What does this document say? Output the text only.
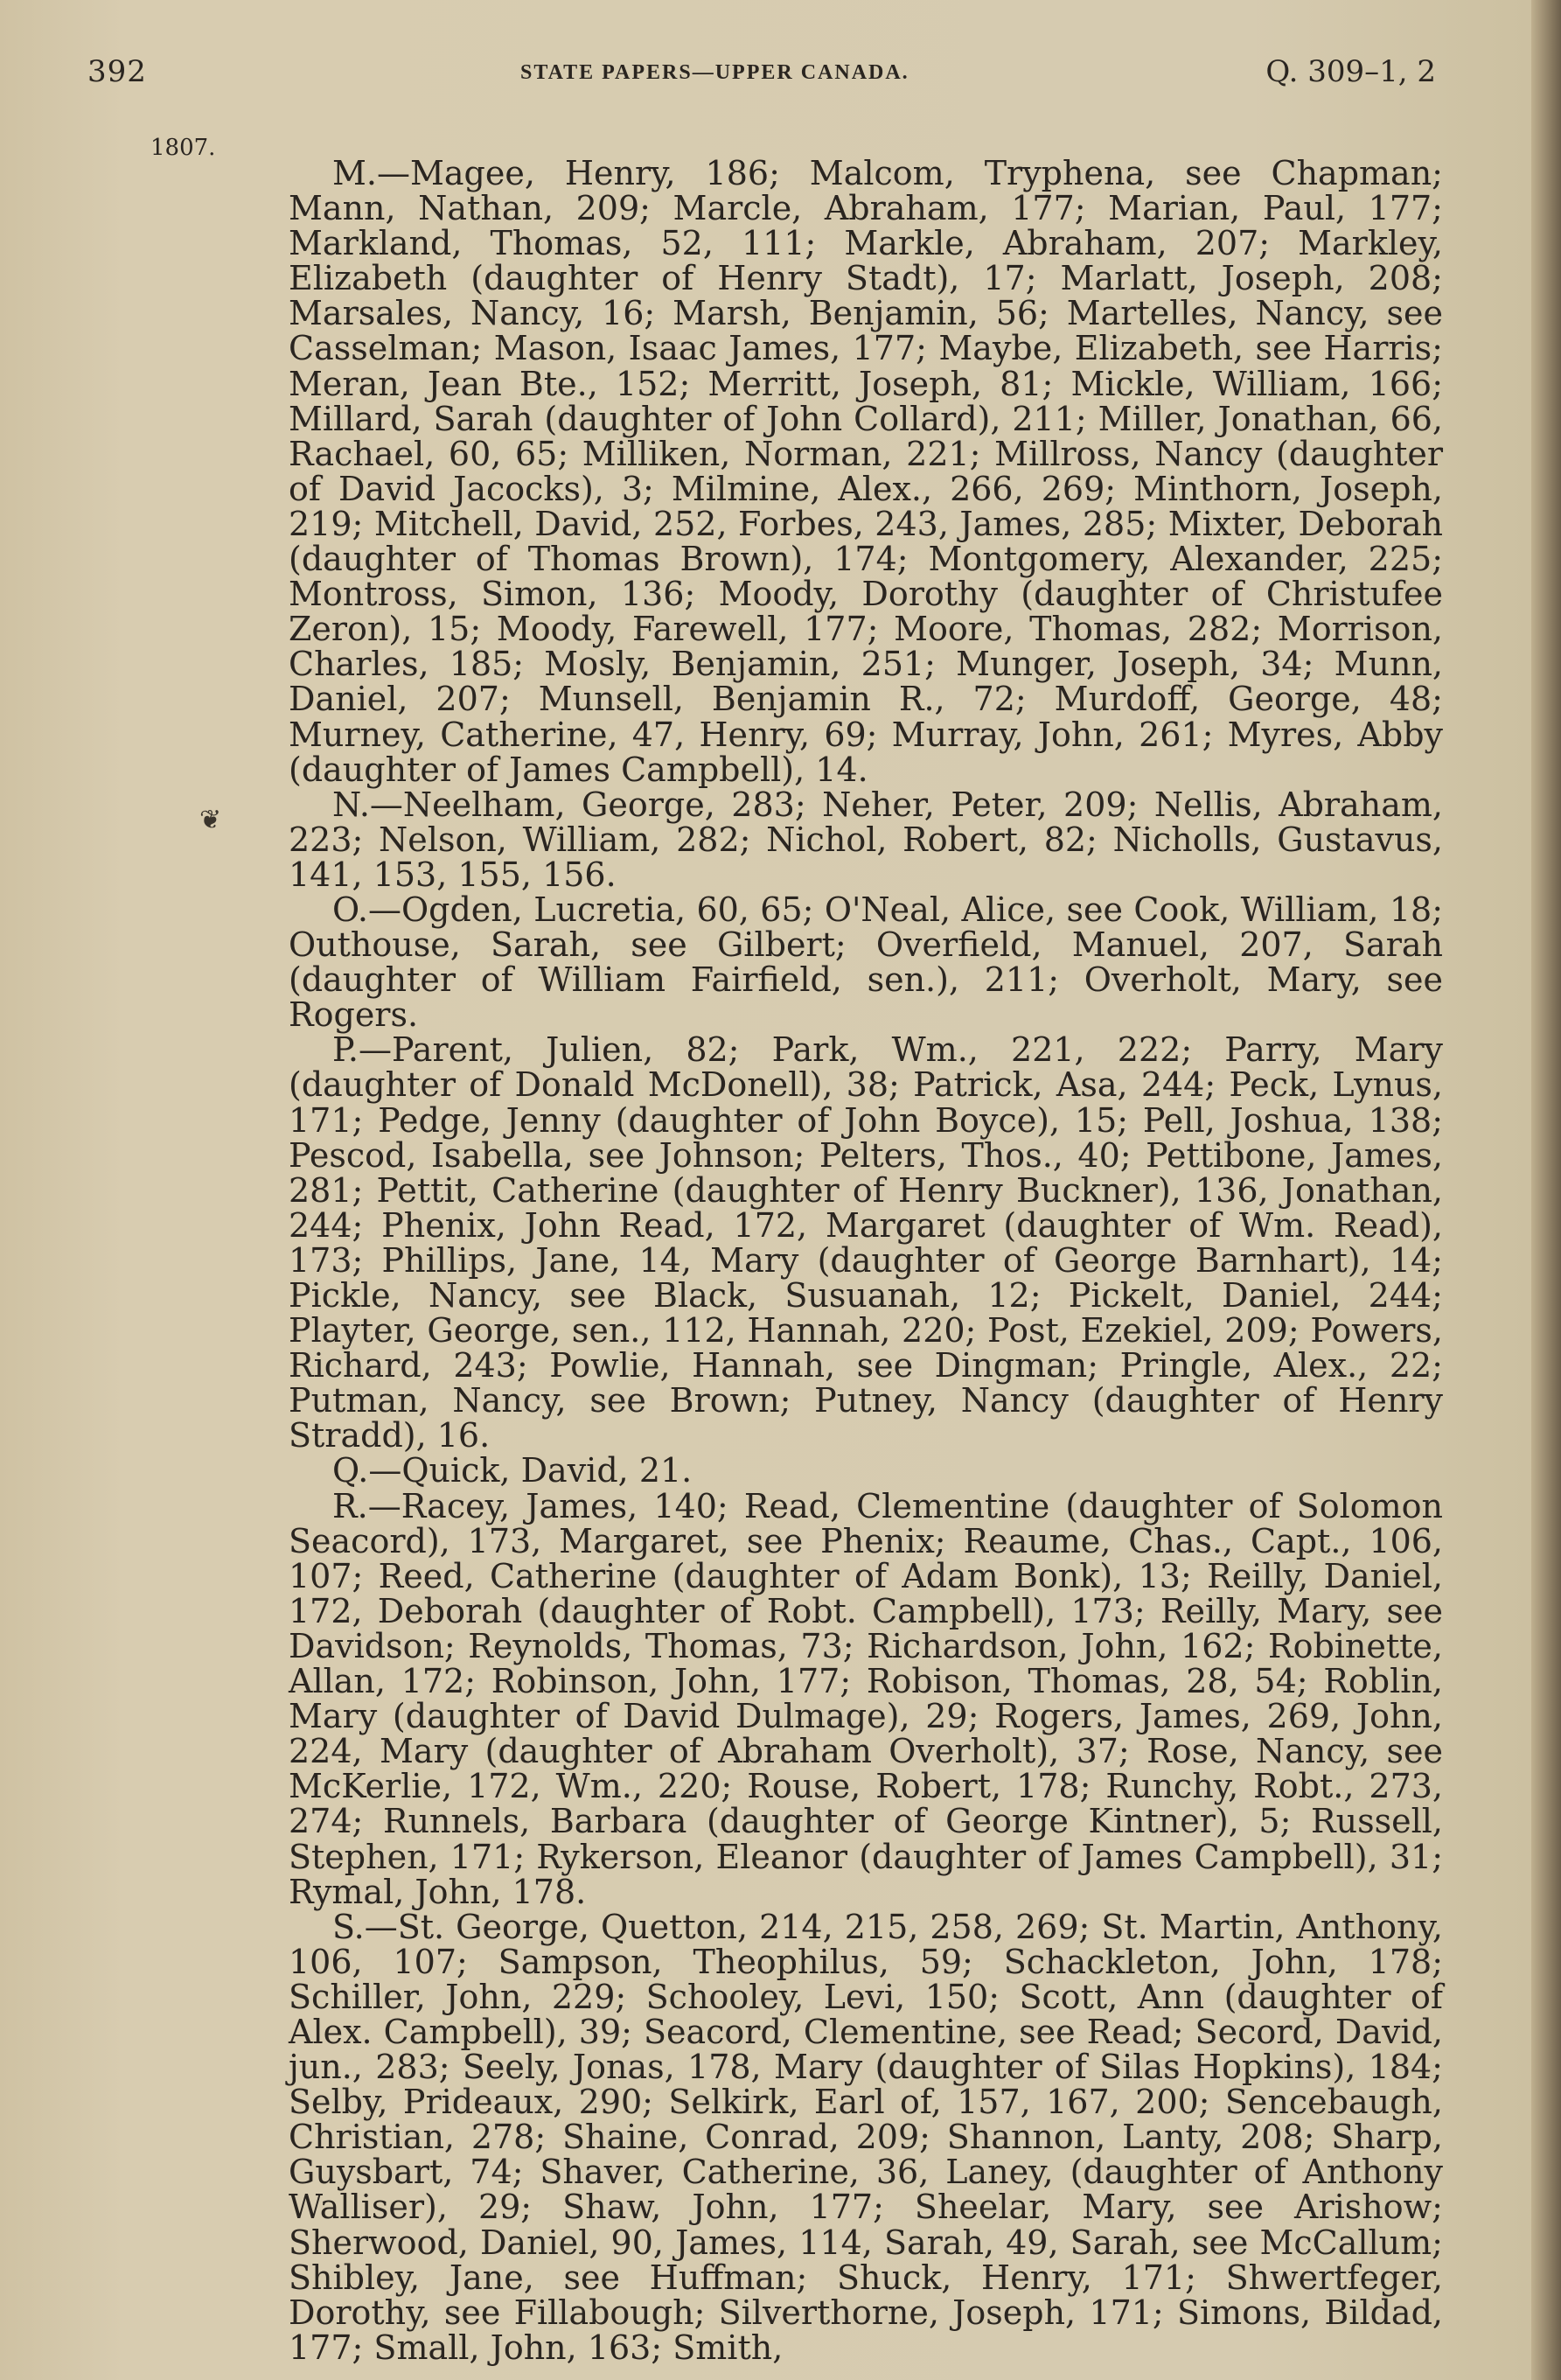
392	STATE PAPERS—UPPER CANADA.	Q. 309–1, 2
1807.
❦

M.—Magee, Henry, 186; Malcom, Tryphena, see Chapman; Mann, Nathan, 209; Marcle, Abraham, 177; Marian, Paul, 177; Markland, Thomas, 52, 111; Markle, Abraham, 207; Markley, Elizabeth (daughter of Henry Stadt), 17; Marlatt, Joseph, 208; Marsales, Nancy, 16; Marsh, Benjamin, 56; Martelles, Nancy, see Casselman; Mason, Isaac James, 177; Maybe, Elizabeth, see Harris; Meran, Jean Bte., 152; Merritt, Joseph, 81; Mickle, William, 166; Millard, Sarah (daughter of John Collard), 211; Miller, Jonathan, 66, Rachael, 60, 65; Milliken, Norman, 221; Millross, Nancy (daughter of David Jacocks), 3; Milmine, Alex., 266, 269; Minthorn, Joseph, 219; Mitchell, David, 252, Forbes, 243, James, 285; Mixter, Deborah (daughter of Thomas Brown), 174; Montgomery, Alexander, 225; Montross, Simon, 136; Moody, Dorothy (daughter of Christufee Zeron), 15; Moody, Farewell, 177; Moore, Thomas, 282; Morrison, Charles, 185; Mosly, Benjamin, 251; Munger, Joseph, 34; Munn, Daniel, 207; Munsell, Benjamin R., 72; Murdoff, George, 48; Murney, Catherine, 47, Henry, 69; Murray, John, 261; Myres, Abby (daughter of James Campbell), 14.

N.—Neelham, George, 283; Neher, Peter, 209; Nellis, Abraham, 223; Nelson, William, 282; Nichol, Robert, 82; Nicholls, Gustavus, 141, 153, 155, 156.

O.—Ogden, Lucretia, 60, 65; O'Neal, Alice, see Cook, William, 18; Outhouse, Sarah, see Gilbert; Overfield, Manuel, 207, Sarah (daughter of William Fairfield, sen.), 211; Overholt, Mary, see Rogers.

P.—Parent, Julien, 82; Park, Wm., 221, 222; Parry, Mary (daughter of Donald McDonell), 38; Patrick, Asa, 244; Peck, Lynus, 171; Pedge, Jenny (daughter of John Boyce), 15; Pell, Joshua, 138; Pescod, Isabella, see Johnson; Pelters, Thos., 40; Pettibone, James, 281; Pettit, Catherine (daughter of Henry Buckner), 136, Jonathan, 244; Phenix, John Read, 172, Margaret (daughter of Wm. Read), 173; Phillips, Jane, 14, Mary (daughter of George Barnhart), 14; Pickle, Nancy, see Black, Susuanah, 12; Pickelt, Daniel, 244; Playter, George, sen., 112, Hannah, 220; Post, Ezekiel, 209; Powers, Richard, 243; Powlie, Hannah, see Dingman; Pringle, Alex., 22; Putman, Nancy, see Brown; Putney, Nancy (daughter of Henry Stradd), 16.

Q.—Quick, David, 21.

R.—Racey, James, 140; Read, Clementine (daughter of Solomon Seacord), 173, Margaret, see Phenix; Reaume, Chas., Capt., 106, 107; Reed, Catherine (daughter of Adam Bonk), 13; Reilly, Daniel, 172, Deborah (daughter of Robt. Campbell), 173; Reilly, Mary, see Davidson; Reynolds, Thomas, 73; Richardson, John, 162; Robinette, Allan, 172; Robinson, John, 177; Robison, Thomas, 28, 54; Roblin, Mary (daughter of David Dulmage), 29; Rogers, James, 269, John, 224, Mary (daughter of Abraham Overholt), 37; Rose, Nancy, see McKerlie, 172, Wm., 220; Rouse, Robert, 178; Runchy, Robt., 273, 274; Runnels, Barbara (daughter of George Kintner), 5; Russell, Stephen, 171; Rykerson, Eleanor (daughter of James Campbell), 31; Rymal, John, 178.

S.—St. George, Quetton, 214, 215, 258, 269; St. Martin, Anthony, 106, 107; Sampson, Theophilus, 59; Schackleton, John, 178; Schiller, John, 229; Schooley, Levi, 150; Scott, Ann (daughter of Alex. Campbell), 39; Seacord, Clementine, see Read; Secord, David, jun., 283; Seely, Jonas, 178, Mary (daughter of Silas Hopkins), 184; Selby, Prideaux, 290; Selkirk, Earl of, 157, 167, 200; Sencebaugh, Christian, 278; Shaine, Conrad, 209; Shannon, Lanty, 208; Sharp, Guysbart, 74; Shaver, Catherine, 36, Laney, (daughter of Anthony Walliser), 29; Shaw, John, 177; Sheelar, Mary, see Arishow; Sherwood, Daniel, 90, James, 114, Sarah, 49, Sarah, see McCallum; Shibley, Jane, see Huffman; Shuck, Henry, 171; Shwertfeger, Dorothy, see Fillabough; Silverthorne, Joseph, 171; Simons, Bildad, 177; Small, John, 163; Smith,
